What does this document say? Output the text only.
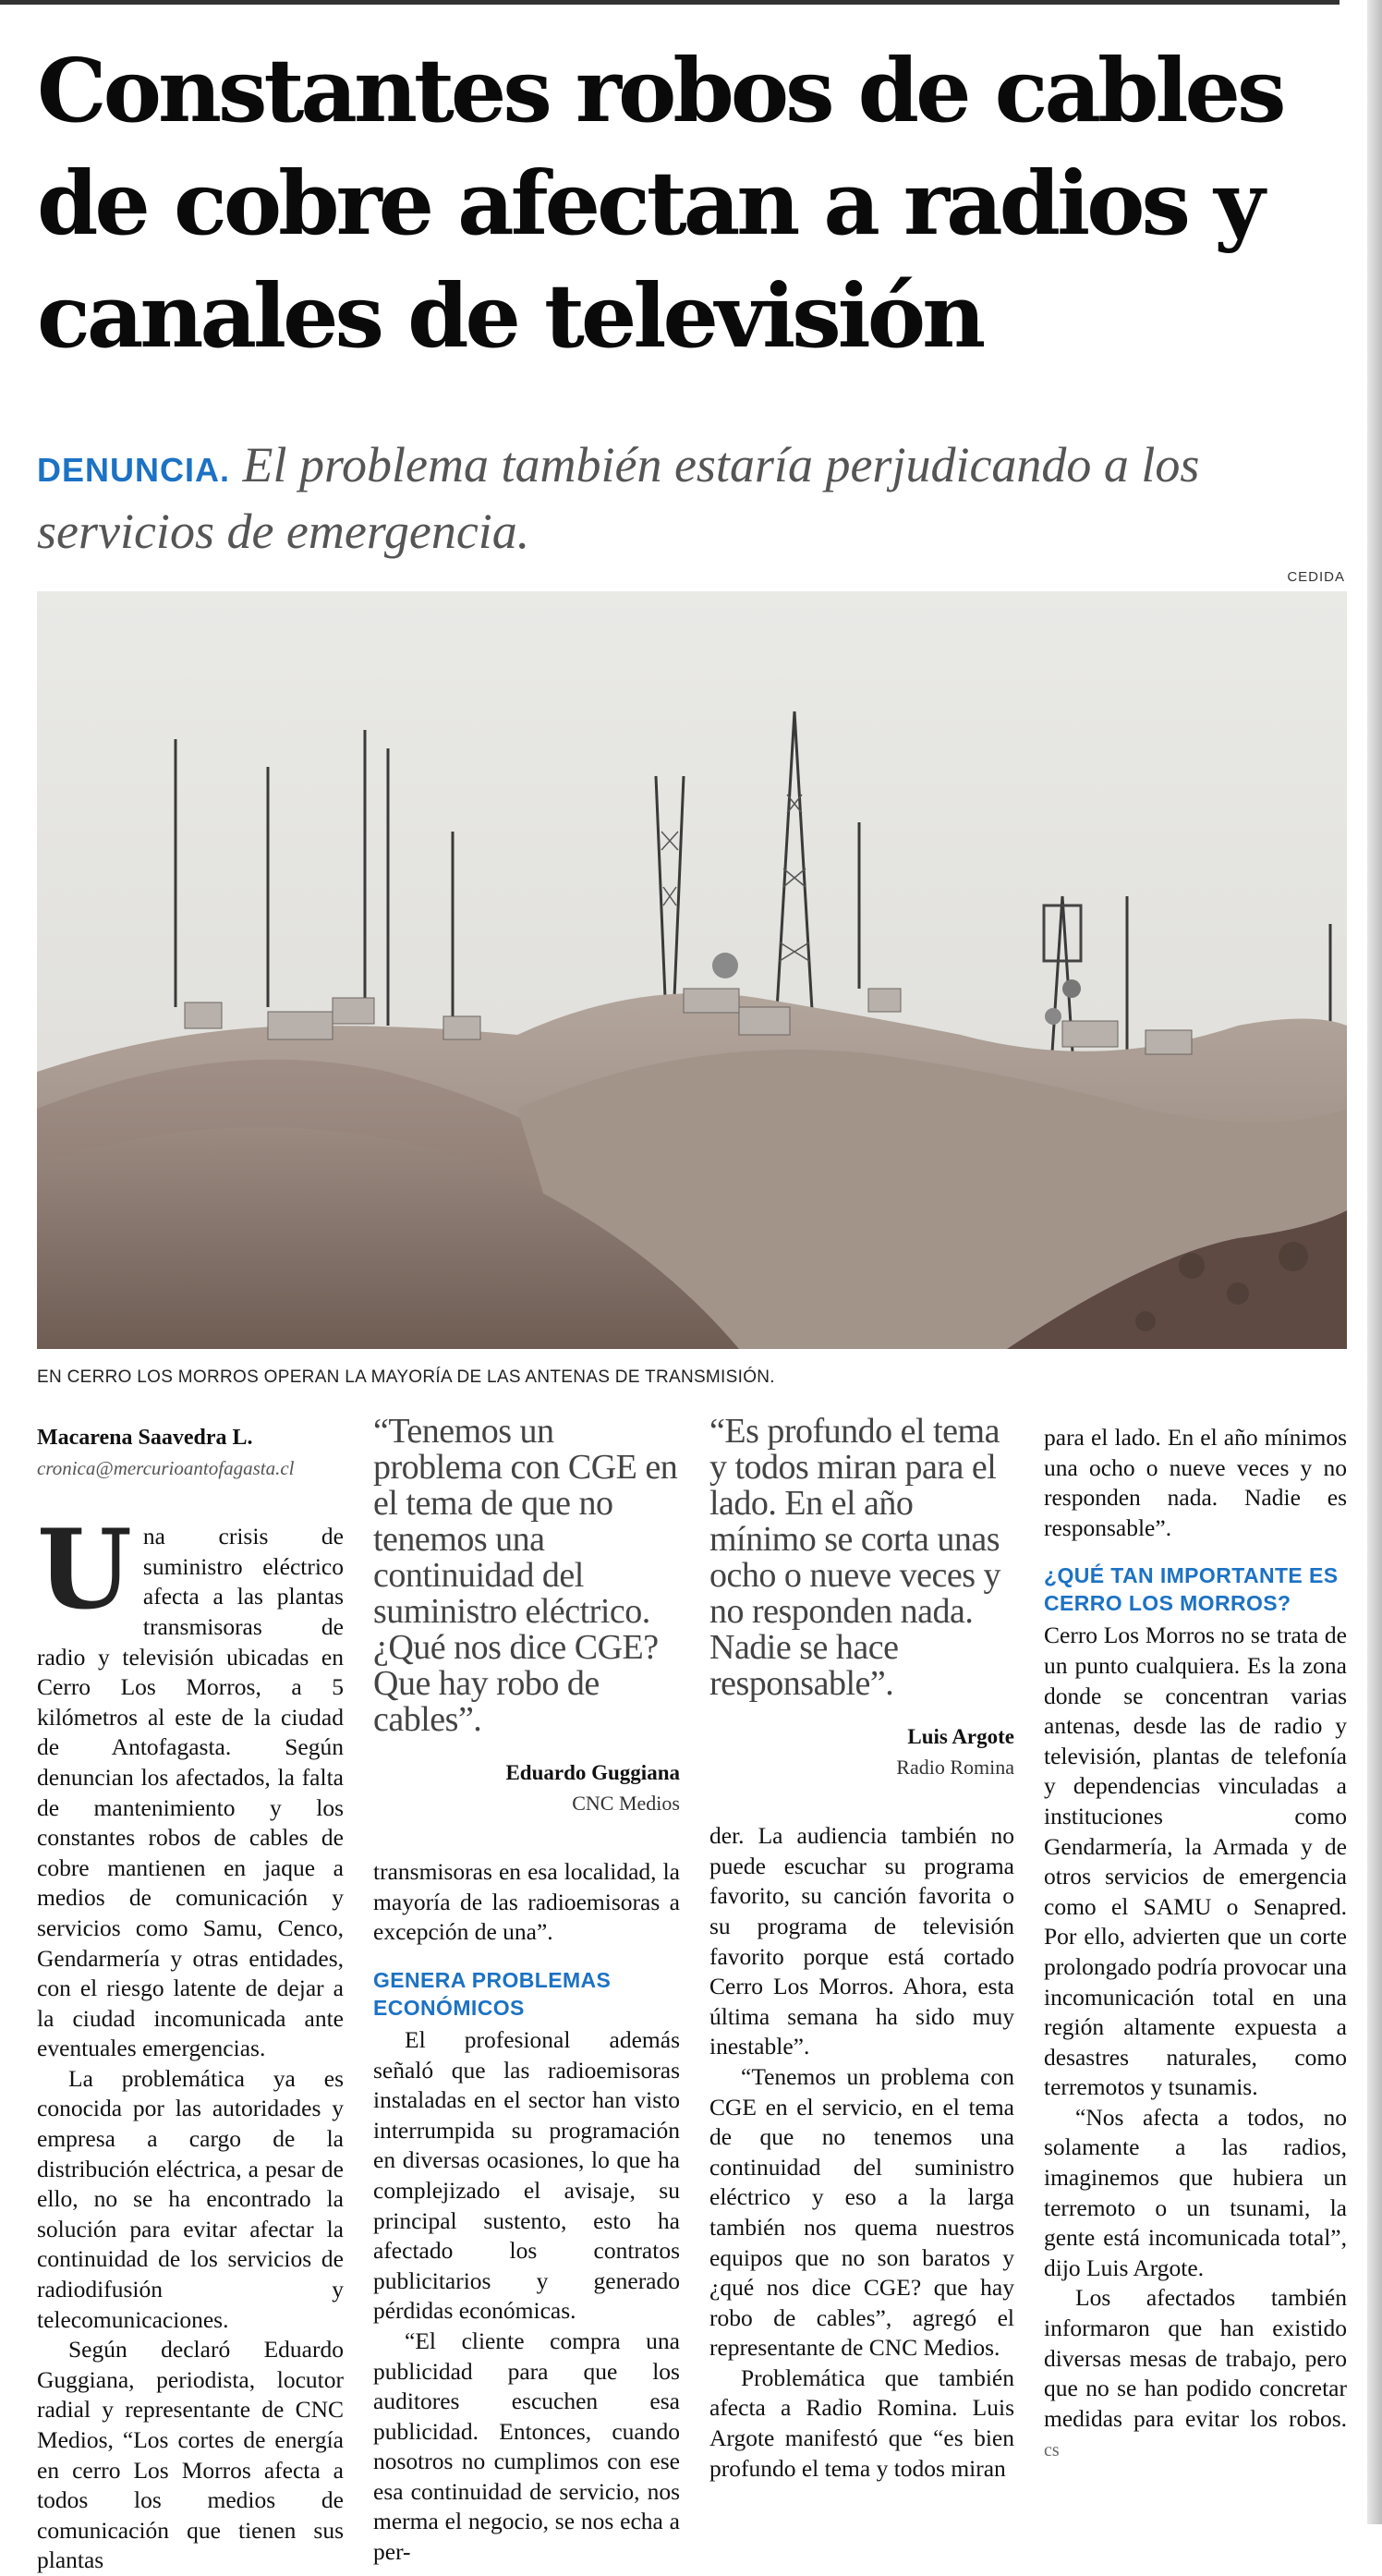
Constantes robos de cables de cobre afectan a radios y canales de televisión
DENUNCIA. El problema también estaría perjudicando a los servicios de emergencia.
CEDIDA
EN CERRO LOS MORROS OPERAN LA MAYORÍA DE LAS ANTENAS DE TRANSMISIÓN.

Macarena Saavedra L.

cronica@mercurioantofagasta.cl

Una crisis de suministro eléctrico afecta a las plantas transmisoras de radio y televisión ubicadas en Cerro Los Morros, a 5 kilómetros al este de la ciudad de Antofagasta. Según denuncian los afectados, la falta de mantenimiento y los constantes robos de cables de cobre mantienen en jaque a medios de comunicación y servicios como Samu, Cenco, Gendarmería y otras entidades, con el riesgo latente de dejar a la ciudad incomunicada ante eventuales emergencias.

La problemática ya es conocida por las autoridades y empresa a cargo de la distribución eléctrica, a pesar de ello, no se ha encontrado la solución para evitar afectar la continuidad de los servicios de radiodifusión y telecomunicaciones.

Según declaró Eduardo Guggiana, periodista, locutor radial y representante de CNC Medios, “Los cortes de energía en cerro Los Morros afecta a todos los medios de comunicación que tienen sus plantas

“Tenemos un problema con CGE en el tema de que no tenemos una continuidad del suministro eléctrico. ¿Qué nos dice CGE? Que hay robo de cables”.
Eduardo Guggiana
CNC Medios

transmisoras en esa localidad, la mayoría de las radioemisoras a excepción de una”.

GENERA PROBLEMAS ECONÓMICOS

El profesional además señaló que las radioemisoras instaladas en el sector han visto interrumpida su programación en diversas ocasiones, lo que ha complejizado el avisaje, su principal sustento, esto ha afectado los contratos publicitarios y generado pérdidas económicas.

“El cliente compra una publicidad para que los auditores escuchen esa publicidad. Entonces, cuando nosotros no cumplimos con ese esa continuidad de servicio, nos merma el negocio, se nos echa a per-

“Es profundo el tema y todos miran para el lado. En el año mínimo se corta unas ocho o nueve veces y no responden nada. Nadie se hace responsable”.
Luis Argote
Radio Romina

der. La audiencia también no puede escuchar su programa favorito, su canción favorita o su programa de televisión favorito porque está cortado Cerro Los Morros. Ahora, esta última semana ha sido muy inestable”.

“Tenemos un problema con CGE en el servicio, en el tema de que no tenemos una continuidad del suministro eléctrico y eso a la larga también nos quema nuestros equipos que no son baratos y ¿qué nos dice CGE? que hay robo de cables”, agregó el representante de CNC Medios.

Problemática que también afecta a Radio Romina. Luis Argote manifestó que “es bien profundo el tema y todos miran

para el lado. En el año mínimos una ocho o nueve veces y no responden nada. Nadie es responsable”.

¿QUÉ TAN IMPORTANTE ES CERRO LOS MORROS?

Cerro Los Morros no se trata de un punto cualquiera. Es la zona donde se concentran varias antenas, desde las de radio y televisión, plantas de telefonía y dependencias vinculadas a instituciones como Gendarmería, la Armada y de otros servicios de emergencia como el SAMU o Senapred. Por ello, advierten que un corte prolongado podría provocar una incomunicación total en una región altamente expuesta a desastres naturales, como terremotos y tsunamis.

“Nos afecta a todos, no solamente a las radios, imaginemos que hubiera un terremoto o un tsunami, la gente está incomunicada total”, dijo Luis Argote.

Los afectados también informaron que han existido diversas mesas de trabajo, pero que no se han podido concretar medidas para evitar los robos. cs
